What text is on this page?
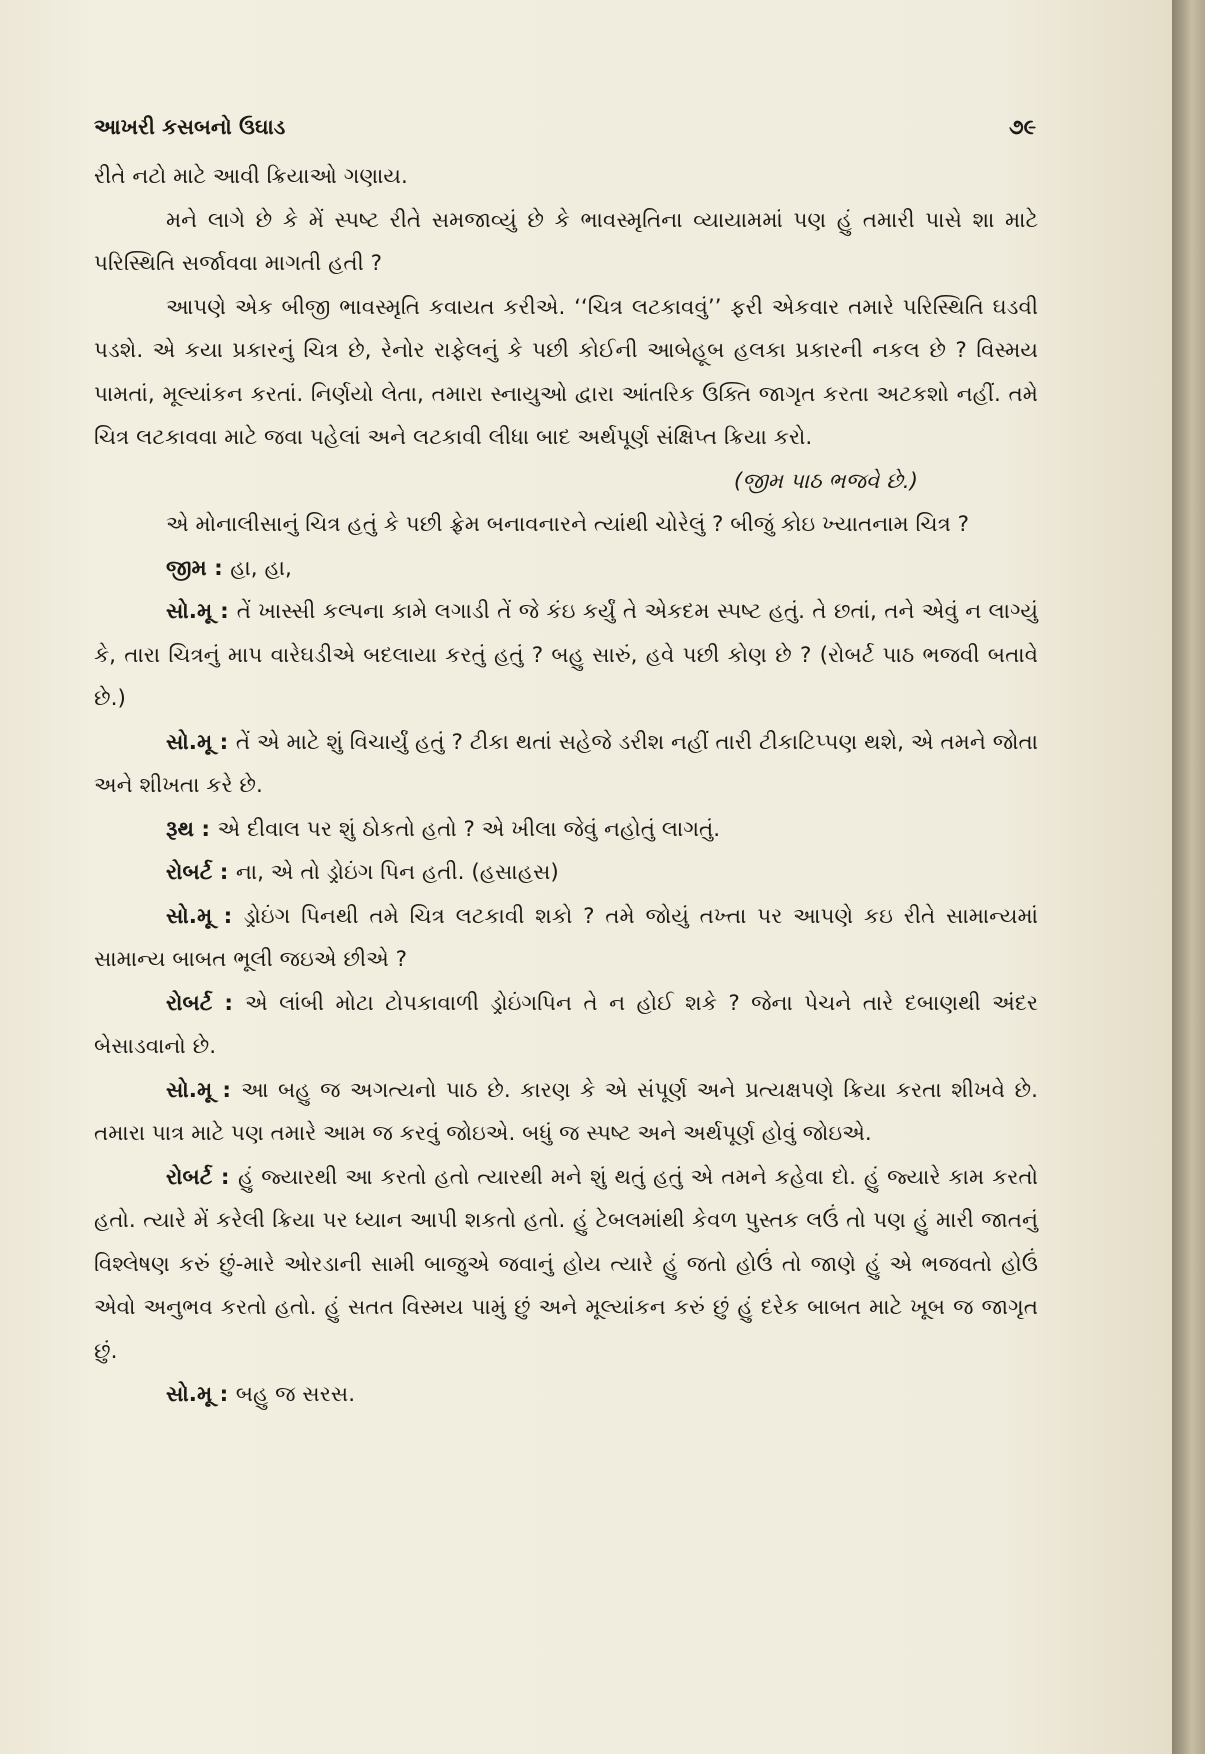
આખરી કસબનો ઉઘાડ	૭૯

રીતે નટો માટે આવી ક્રિયાઓ ગણાય.

મને લાગે છે કે મેં સ્પષ્ટ રીતે સમજાવ્યું છે કે ભાવસ્મૃતિના વ્યાયામમાં પણ હું તમારી પાસે શા માટે પરિસ્થિતિ સર્જાવવા માગતી હતી ?

આપણે એક બીજી ભાવસ્મૃતિ કવાયત કરીએ. ‘‘ચિત્ર લટકાવવું’’ ફરી એકવાર તમારે પરિસ્થિતિ ઘડવી પડશે. એ કયા પ્રકારનું ચિત્ર છે, રેનોર રાફેલનું કે પછી કોઈની આબેહૂબ હલકા પ્રકારની નકલ છે ? વિસ્મય પામતાં, મૂલ્યાંકન કરતાં. નિર્ણયો લેતા, તમારા સ્નાયુઓ દ્વારા આંતરિક ઉક્તિ જાગૃત કરતા અટકશો નહીં. તમે ચિત્ર લટકાવવા માટે જવા પહેલાં અને લટકાવી લીધા બાદ અર્થપૂર્ણ સંક્ષિપ્ત ક્રિયા કરો.

(જીમ પાઠ ભજવે છે.)

એ મોનાલીસાનું ચિત્ર હતું કે પછી ફ્રેમ બનાવનારને ત્યાંથી ચોરેલું ? બીજું કોઇ ખ્યાતનામ ચિત્ર ?

જીમ : હા, હા,

સો.મૂ : તેં ખાસ્સી કલ્પના કામે લગાડી તેં જે કંઇ કર્યું તે એકદમ સ્પષ્ટ હતું. તે છતાં, તને એવું ન લાગ્યું કે, તારા ચિત્રનું માપ વારેઘડીએ બદલાયા કરતું હતું ? બહુ સારું, હવે પછી કોણ છે ? (રોબર્ટ પાઠ ભજવી બતાવે છે.)

સો.મૂ : તેં એ માટે શું વિચાર્યું હતું ? ટીકા થતાં સહેજે ડરીશ નહીં તારી ટીકાટિપ્પણ થશે, એ તમને જોતા અને શીખતા કરે છે.

રૂથ : એ દીવાલ પર શું ઠોકતો હતો ? એ ખીલા જેવું નહોતું લાગતું.

રોબર્ટ : ના, એ તો ડ્રોઇંગ પિન હતી. (હસાહસ)

સો.મૂ : ડ્રોઇંગ પિનથી તમે ચિત્ર લટકાવી શકો ? તમે જોયું તખ્તા પર આપણે કઇ રીતે સામાન્યમાં સામાન્ય બાબત ભૂલી જઇએ છીએ ?

રોબર્ટ : એ લાંબી મોટા ટોપકાવાળી ડ્રોઇંગપિન તે ન હોઈ શકે ? જેના પેચને તારે દબાણથી અંદર બેસાડવાનો છે.

સો.મૂ : આ બહુ જ અગત્યનો પાઠ છે. કારણ કે એ સંપૂર્ણ અને પ્રત્યક્ષપણે ક્રિયા કરતા શીખવે છે. તમારા પાત્ર માટે પણ તમારે આમ જ કરવું જોઇએ. બધું જ સ્પષ્ટ અને અર્થપૂર્ણ હોવું જોઇએ.

રોબર્ટ : હું જ્યારથી આ કરતો હતો ત્યારથી મને શું થતું હતું એ તમને કહેવા દો. હું જ્યારે કામ કરતો હતો. ત્યારે મેં કરેલી ક્રિયા પર ધ્યાન આપી શકતો હતો. હું ટેબલમાંથી કેવળ પુસ્તક લઉં તો પણ હું મારી જાતનું વિશ્લેષણ કરું છું-મારે ઓરડાની સામી બાજુએ જવાનું હોય ત્યારે હું જતો હોઉં તો જાણે હું એ ભજવતો હોઉં એવો અનુભવ કરતો હતો. હું સતત વિસ્મય પામું છું અને મૂલ્યાંકન કરું છું હું દરેક બાબત માટે ખૂબ જ જાગૃત છું.

સો.મૂ : બહુ જ સરસ.
